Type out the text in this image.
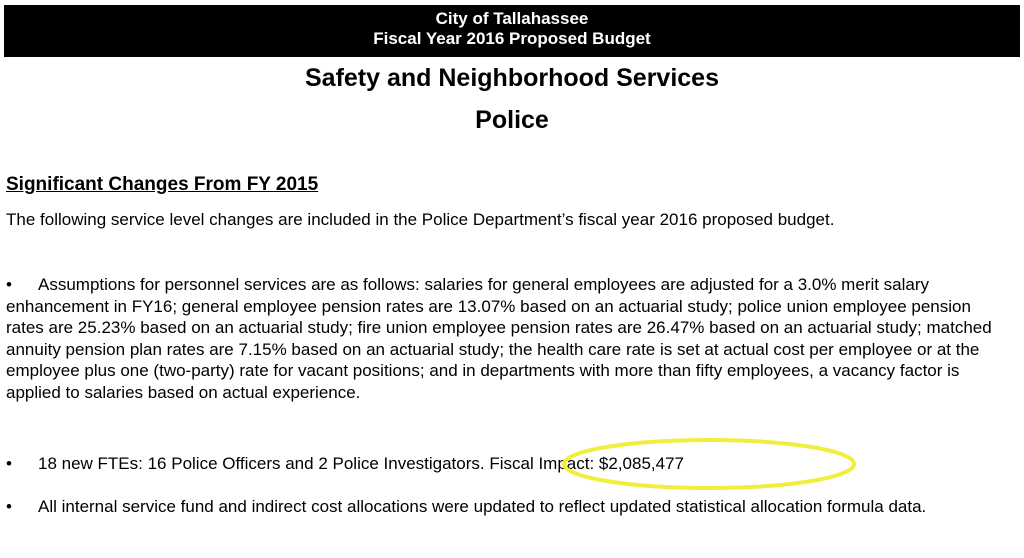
City of Tallahassee
Fiscal Year 2016 Proposed Budget
Safety and Neighborhood Services
Police
Significant Changes From FY 2015
The following service level changes are included in the Police Department’s fiscal year 2016 proposed budget.
• Assumptions for personnel services are as follows: salaries for general employees are adjusted for a 3.0% merit salary enhancement in FY16; general employee pension rates are 13.07% based on an actuarial study; police union employee pension rates are 25.23% based on an actuarial study; fire union employee pension rates are 26.47% based on an actuarial study; matched annuity pension plan rates are 7.15% based on an actuarial study; the health care rate is set at actual cost per employee or at the employee plus one (two-party) rate for vacant positions; and in departments with more than fifty employees, a vacancy factor is applied to salaries based on actual experience.
• 18 new FTEs: 16 Police Officers and 2 Police Investigators. Fiscal Impact: $2,085,477
• All internal service fund and indirect cost allocations were updated to reflect updated statistical allocation formula data.
